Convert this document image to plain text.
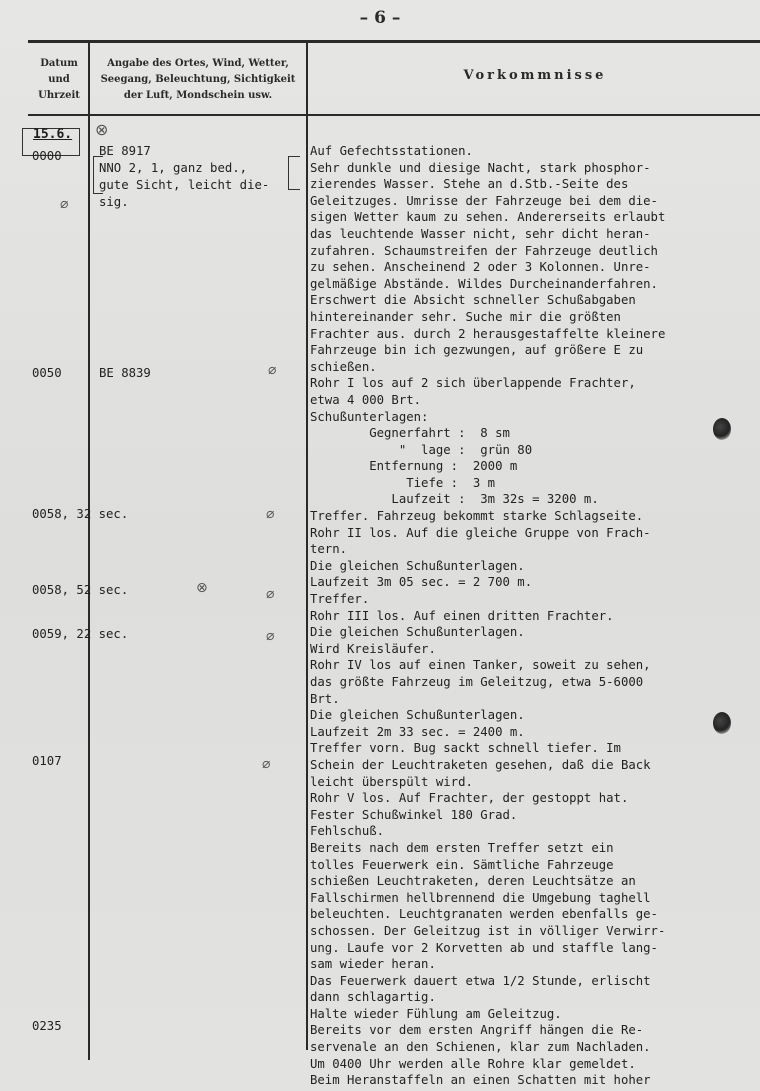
– 6 –
Datum
und
Uhrzeit
Angabe des Ortes, Wind, Wetter,
Seegang, Beleuchtung, Sichtigkeit
der Luft, Mondschein usw.
Vorkommnisse
15.6.
0000
0050
0058, 32 sec.
0058, 52 sec.
0059, 22 sec.
0107
0235
BE 8917
NNO 2, 1, ganz bed.,
gute Sicht, leicht die-
sig.
BE 8839
⊗
⌀
⌀
⌀
⊗	⌀
⌀
⌀
Auf Gefechtsstationen.
Sehr dunkle und diesige Nacht, stark phosphor-
zierendes Wasser. Stehe an d.Stb.-Seite des
Geleitzuges. Umrisse der Fahrzeuge bei dem die-
sigen Wetter kaum zu sehen. Andererseits erlaubt
das leuchtende Wasser nicht, sehr dicht heran-
zufahren. Schaumstreifen der Fahrzeuge deutlich
zu sehen. Anscheinend 2 oder 3 Kolonnen. Unre-
gelmäßige Abstände. Wildes Durcheinanderfahren.
Erschwert die Absicht schneller Schußabgaben
hintereinander sehr. Suche mir die größten
Frachter aus. durch 2 herausgestaffelte kleinere
Fahrzeuge bin ich gezwungen, auf größere E zu
schießen.
Rohr I los auf 2 sich überlappende Frachter,
etwa 4 000 Brt.
Schußunterlagen:
Gegnerfahrt :  8 sm
"  lage :  grün 80
Entfernung :  2000 m
Tiefe :  3 m
Laufzeit :  3m 32s = 3200 m.
Treffer. Fahrzeug bekommt starke Schlagseite.
Rohr II los. Auf die gleiche Gruppe von Frach-
tern.
Die gleichen Schußunterlagen.
Laufzeit 3m 05 sec. = 2 700 m.
Treffer.
Rohr III los. Auf einen dritten Frachter.
Die gleichen Schußunterlagen.
Wird Kreisläufer.
Rohr IV los auf einen Tanker, soweit zu sehen,
das größte Fahrzeug im Geleitzug, etwa 5-6000
Brt.
Die gleichen Schußunterlagen.
Laufzeit 2m 33 sec. = 2400 m.
Treffer vorn. Bug sackt schnell tiefer. Im
Schein der Leuchtraketen gesehen, daß die Back
leicht überspült wird.
Rohr V los. Auf Frachter, der gestoppt hat.
Fester Schußwinkel 180 Grad.
Fehlschuß.
Bereits nach dem ersten Treffer setzt ein
tolles Feuerwerk ein. Sämtliche Fahrzeuge
schießen Leuchtraketen, deren Leuchtsätze an
Fallschirmen hellbrennend die Umgebung taghell
beleuchten. Leuchtgranaten werden ebenfalls ge-
schossen. Der Geleitzug ist in völliger Verwirr-
ung. Laufe vor 2 Korvetten ab und staffle lang-
sam wieder heran.
Das Feuerwerk dauert etwa 1/2 Stunde, erlischt
dann schlagartig.
Halte wieder Fühlung am Geleitzug.
Bereits vor dem ersten Angriff hängen die Re-
servenale an den Schienen, klar zum Nachladen.
Um 0400 Uhr werden alle Rohre klar gemeldet.
Beim Heranstaffeln an einen Schatten mit hoher
